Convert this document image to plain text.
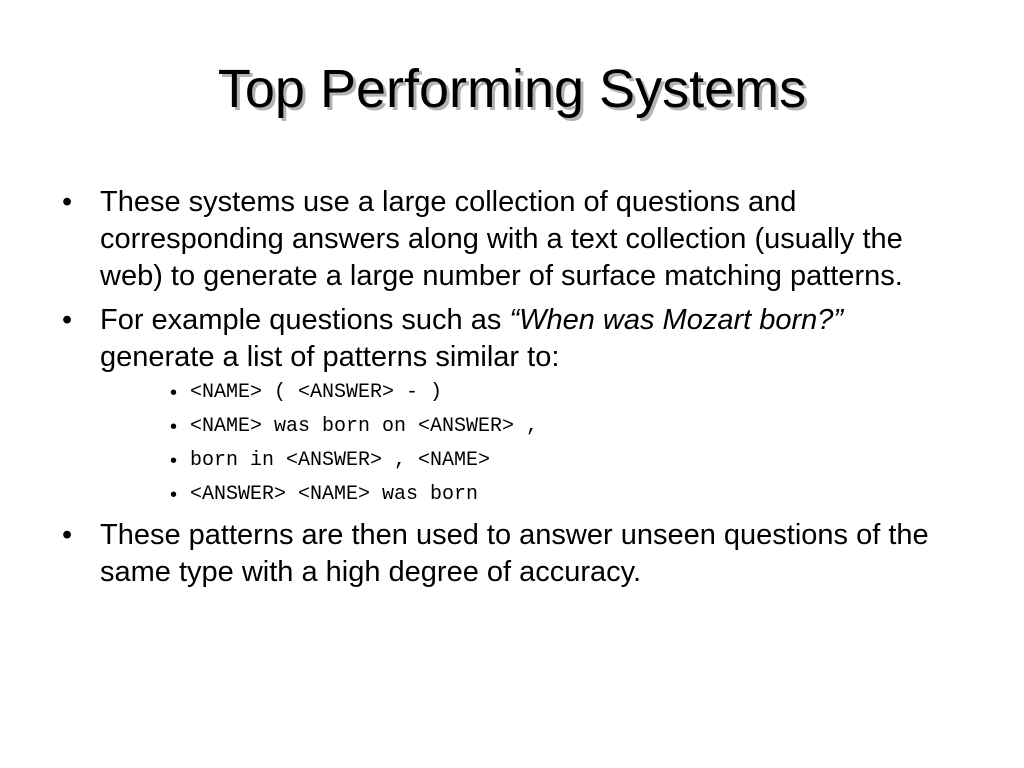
Top Performing Systems
• These systems use a large collection of questions and corresponding answers along with a text collection (usually the web) to generate a large number of surface matching patterns.
• For example questions such as “When was Mozart born?” generate a list of patterns similar to:
• <NAME> ( <ANSWER> - )
• <NAME> was born on <ANSWER> ,
• born in <ANSWER> , <NAME>
• <ANSWER> <NAME> was born
• These patterns are then used to answer unseen questions of the same type with a high degree of accuracy.
